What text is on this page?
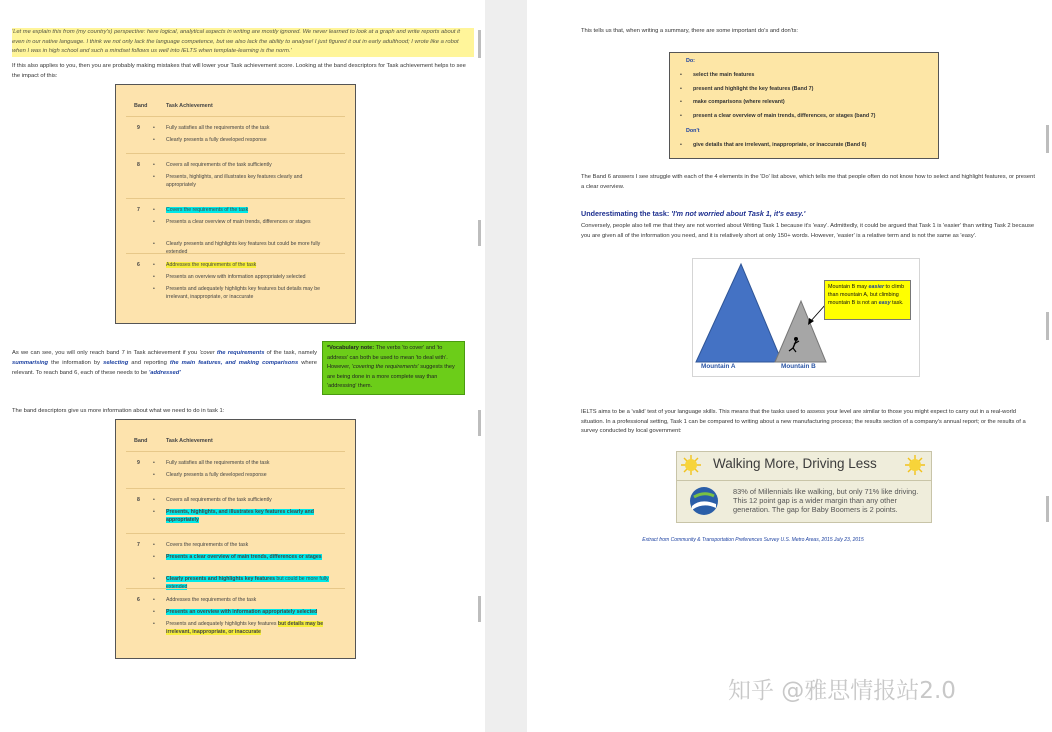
'Let me explain this from (my country's) perspective: here logical, analytical aspects in writing are mostly ignored. We never learned to look at a graph and write reports about it even in our native language. I think we not only lack the language competence, but we also lack the ability to analyse! I just figured it out in early adulthood; I wrote like a robot when I was in high school and such a mindset follows us well into IELTS when template-learning is the norm.'
If this also applies to you, then you are probably making mistakes that will lower your Task achievement score. Looking at the band descriptors for Task achievement helps to see the impact of this:
Band	Task Achievement
9	• Fully satisfies all the requirements of the task
• Clearly presents a fully developed response
8	• Covers all requirements of the task sufficiently
• Presents, highlights, and illustrates key features clearly and appropriately
7	• Covers the requirements of the task
• Presents a clear overview of main trends, differences or stages
• Clearly presents and highlights key features but could be more fully extended
6	• Addresses the requirements of the task
• Presents an overview with information appropriately selected
• Presents and adequately highlights key features but details may be irrelevant, inappropriate, or inaccurate
As we can see, you will only reach band 7 in Task achievement if you 'cover the requirements of the task, namely summarising the information by selecting and reporting the main features, and making comparisons where relevant. To reach band 6, each of these needs to be 'addressed'
*Vocabulary note: The verbs 'to cover' and 'to address' can both be used to mean 'to deal with'. However, 'covering the requirements' suggests they are being done in a more complete way than 'addressing' them.
The band descriptors give us more information about what we need to do in task 1:
Band	Task Achievement
9	• Fully satisfies all the requirements of the task
• Clearly presents a fully developed response
8	• Covers all requirements of the task sufficiently
• Presents, highlights, and illustrates key features clearly and appropriately
7	• Covers the requirements of the task
• Presents a clear overview of main trends, differences or stages
• Clearly presents and highlights key features but could be more fully extended
6	• Addresses the requirements of the task
• Presents an overview with information appropriately selected
• Presents and adequately highlights key features but details may be irrelevant, inappropriate, or inaccurate
This tells us that, when writing a summary, there are some important do's and don'ts:
Do:
• select the main features
• present and highlight the key features (Band 7)
• make comparisons (where relevant)
• present a clear overview of main trends, differences, or stages (band 7)
Don't
• give details that are irrelevant, inappropriate, or inaccurate (Band 6)
The Band 6 answers I see struggle with each of the 4 elements in the 'Do' list above, which tells me that people often do not know how to select and highlight features, or present a clear overview.
Underestimating the task: 'I'm not worried about Task 1, it's easy.'
Conversely, people also tell me that they are not worried about Writing Task 1 because it's 'easy'. Admittedly, it could be argued that Task 1 is 'easier' than writing Task 2 because you are given all of the information you need, and it is relatively short at only 150+ words. However, 'easier' is a relative term and is not the same as 'easy'.
Mountain A	Mountain B
Mountain B may easier to climb than mountain A, but climbing mountain B is not an easy task.
IELTS aims to be a 'valid' test of your language skills. This means that the tasks used to assess your level are similar to those you might expect to carry out in a real-world situation. In a professional setting, Task 1 can be compared to writing about a new manufacturing process; the results section of a company's annual report; or the results of a survey conducted by local government:
Walking More, Driving Less
83% of Millennials like walking, but only 71% like driving. This 12 point gap is a wider margin than any other generation. The gap for Baby Boomers is 2 points.
Extract from Community & Transportation Preferences Survey U.S. Metro Areas, 2015 July 23, 2015
知乎 @雅思情报站2.0
